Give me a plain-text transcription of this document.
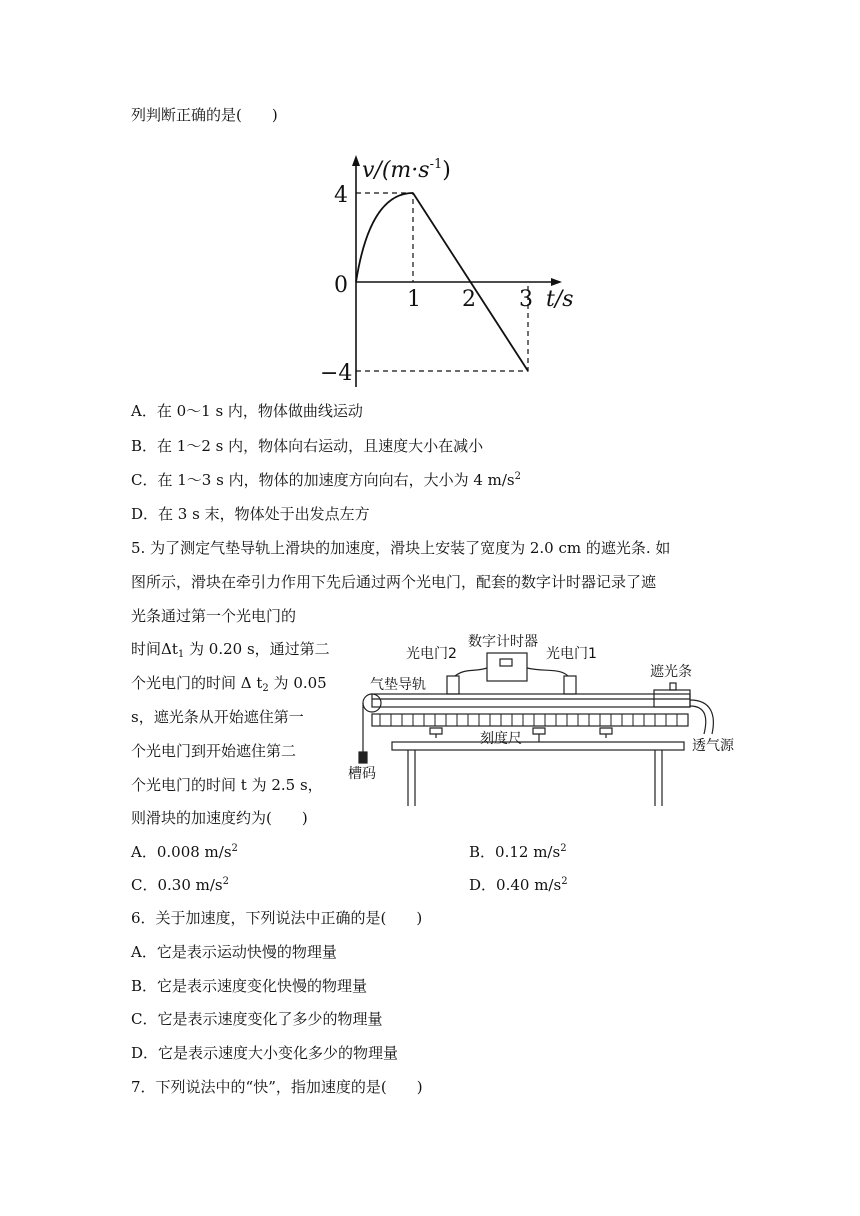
列判断正确的是(　　)
$v/(m\cdot s^{-1})$
t/s
4
0
−4
1 2 3
A．在 0～1 s 内，物体做曲线运动
B．在 1～2 s 内，物体向右运动，且速度大小在减小
C．在 1～3 s 内，物体的加速度方向向右，大小为 4 $m/s^2$
D．在 3 s 末，物体处于出发点左方
5. 为了测定气垫导轨上滑块的加速度，滑块上安装了宽度为 2.0 cm 的遮光条. 如
图所示，滑块在牵引力作用下先后通过两个光电门，配套的数字计时器记录了遮
光条通过第一个光电门的
时间$\Delta t_1$ 为 0.20 s，通过第二
个光电门的时间 Δ $t_2$ 为 0.05
s，遮光条从开始遮住第一
个光电门到开始遮住第二
个光电门的时间 t 为 2.5 s，
则滑块的加速度约为(　　)
数字计时器
光电门2	光电门1
遮光条
气垫导轨
刻度尺	透气源
槽码
A．0.008 $m/s^2$	B．0.12 $m/s^2$
C．0.30 $m/s^2$	D．0.40 $m/s^2$
6．关于加速度，下列说法中正确的是(　　)
A．它是表示运动快慢的物理量
B．它是表示速度变化快慢的物理量
C．它是表示速度变化了多少的物理量
D．它是表示速度大小变化多少的物理量
7．下列说法中的“快”，指加速度的是(　　)
